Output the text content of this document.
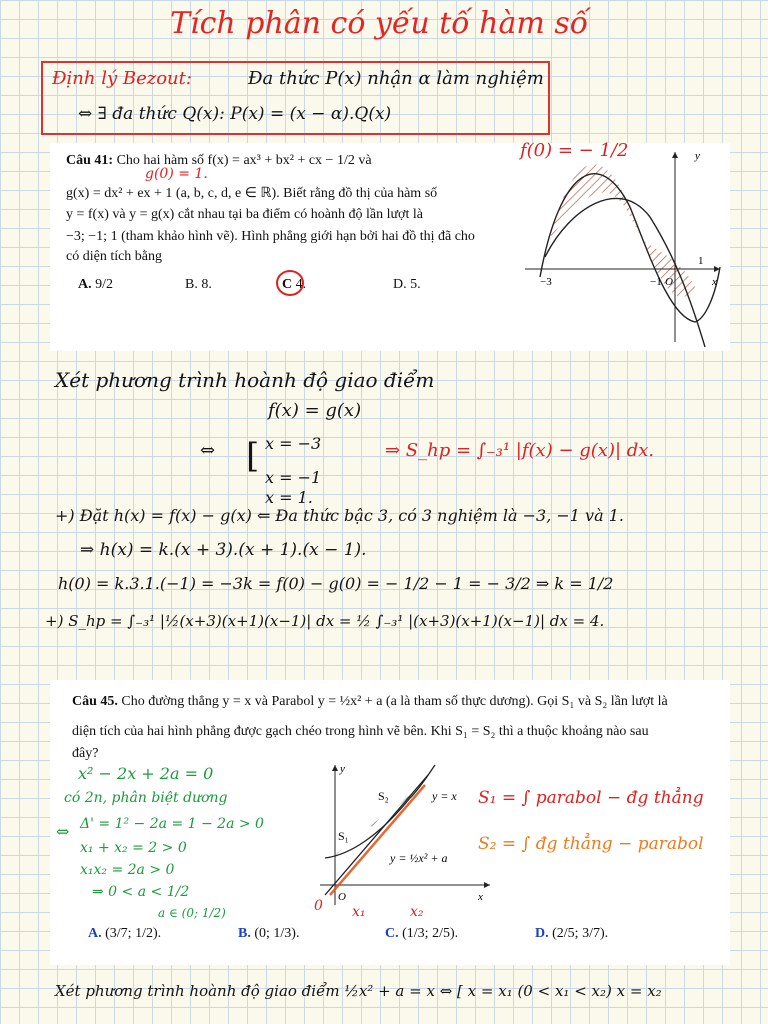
Tích phân có yếu tố hàm số
Định lý Bezout:	Đa thức P(x) nhận α làm nghiệm
⇔ ∃ đa thức Q(x): P(x) = (x − α).Q(x)
Câu 41: Cho hai hàm số f(x) = ax³ + bx² + cx − 1/2 và
g(x) = dx² + ex + 1 (a, b, c, d, e ∈ ℝ). Biết rằng đồ thị của hàm số
y = f(x) và y = g(x) cắt nhau tại ba điểm có hoành độ lần lượt là
−3; −1; 1 (tham khảo hình vẽ). Hình phẳng giới hạn bởi hai đồ thị đã cho
có diện tích bằng
A. 9/2	B. 8.	C 4.	D. 5.
y
x
−3	−1 O
1
g(0) = 1.
f(0) = − 1/2
Xét phương trình hoành độ giao điểm
f(x) = g(x)
⇔ [ x = −3
x = −1
x = 1.
⇒ S_hp = ∫₋₃¹ |f(x) − g(x)| dx.
+) Đặt h(x) = f(x) − g(x) ⇐ Đa thức bậc 3, có 3 nghiệm là −3, −1 và 1.
⇒ h(x) = k.(x + 3).(x + 1).(x − 1).
h(0) = k.3.1.(−1) = −3k = f(0) − g(0) = − 1/2 − 1 = − 3/2 ⇒ k = 1/2
+) S_hp = ∫₋₃¹ |½(x+3)(x+1)(x−1)| dx = ½ ∫₋₃¹ |(x+3)(x+1)(x−1)| dx = 4.
Câu 45. Cho đường thẳng y = x và Parabol y = ½x² + a (a là tham số thực dương). Gọi S₁ và S₂ lần lượt là
diện tích của hai hình phẳng được gạch chéo trong hình vẽ bên. Khi S₁ = S₂ thì a thuộc khoảng nào sau
đây?
A. (3/7; 1/2).	B. (0; 1/3).	C. (1/3; 2/5).	D. (2/5; 3/7).
y
x
O
S₁
S₂	y = x
y = ½x² + a
x² − 2x + 2a = 0
có 2n, phân biệt dương
⇔ Δ' = 1² − 2a = 1 − 2a > 0
x₁ + x₂ = 2 > 0
x₁x₂ = 2a > 0
⇒ 0 < a < 1/2
a ∈ (0; 1/2)
S₁ = ∫ parabol − đg thẳng
S₂ = ∫ đg thẳng − parabol
0 x₁	x₂
Xét phương trình hoành độ giao điểm ½x² + a = x ⇔ [ x = x₁ (0 < x₁ < x₂) x = x₂
